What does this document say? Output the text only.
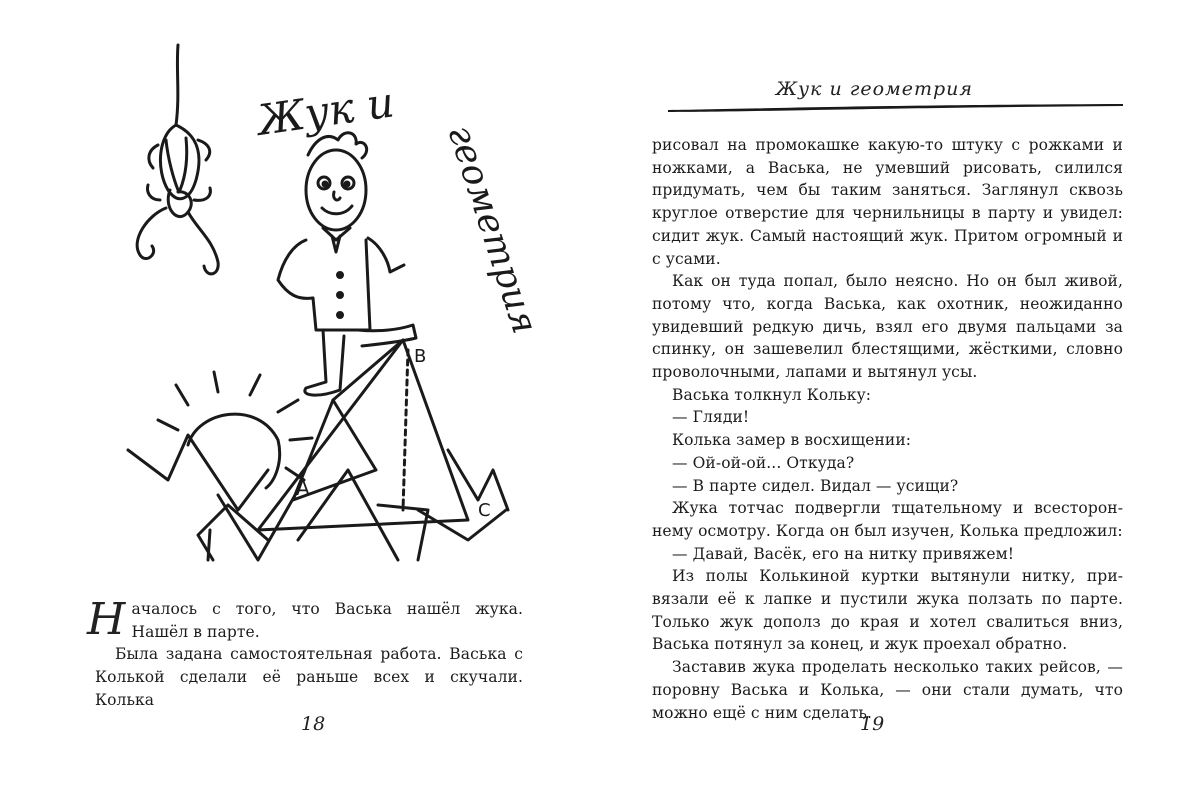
Жук и
геометрия
A
B
C

Началось с того, что Васька нашёл жука. Нашёл в парте.

Была задана самостоятельная работа. Васька с Колькой сделали её раньше всех и скучали. Колька

18
Жук и геометрия

рисовал на промокашке какую-то штуку с рожками и ножками, а Васька, не умевший рисовать, силился придумать, чем бы таким заняться. Заглянул сквозь круглое отверстие для чернильницы в парту и увидел: сидит жук. Самый настоящий жук. Притом огромный и с усами.

Как он туда попал, было неясно. Но он был живой, потому что, когда Васька, как охотник, неожиданно увидевший редкую дичь, взял его двумя пальцами за спинку, он зашевелил блестящими, жёсткими, словно проволочными, лапами и вытянул усы.

Васька толкнул Кольку:

— Гляди!

Колька замер в восхищении:

— Ой-ой-ой... Откуда?

— В парте сидел. Видал — усищи?

Жука тотчас подвергли тщательному и всестороннему осмотру. Когда он был изучен, Колька предложил:

— Давай, Васёк, его на нитку привяжем!

Из полы Колькиной куртки вытянули нитку, привязали её к лапке и пустили жука ползать по парте. Только жук дополз до края и хотел свалиться вниз, Васька потянул за конец, и жук проехал обратно.

Заставив жука проделать несколько таких рейсов, — поровну Васька и Колька, — они стали думать, что можно ещё с ним сделать.

19
